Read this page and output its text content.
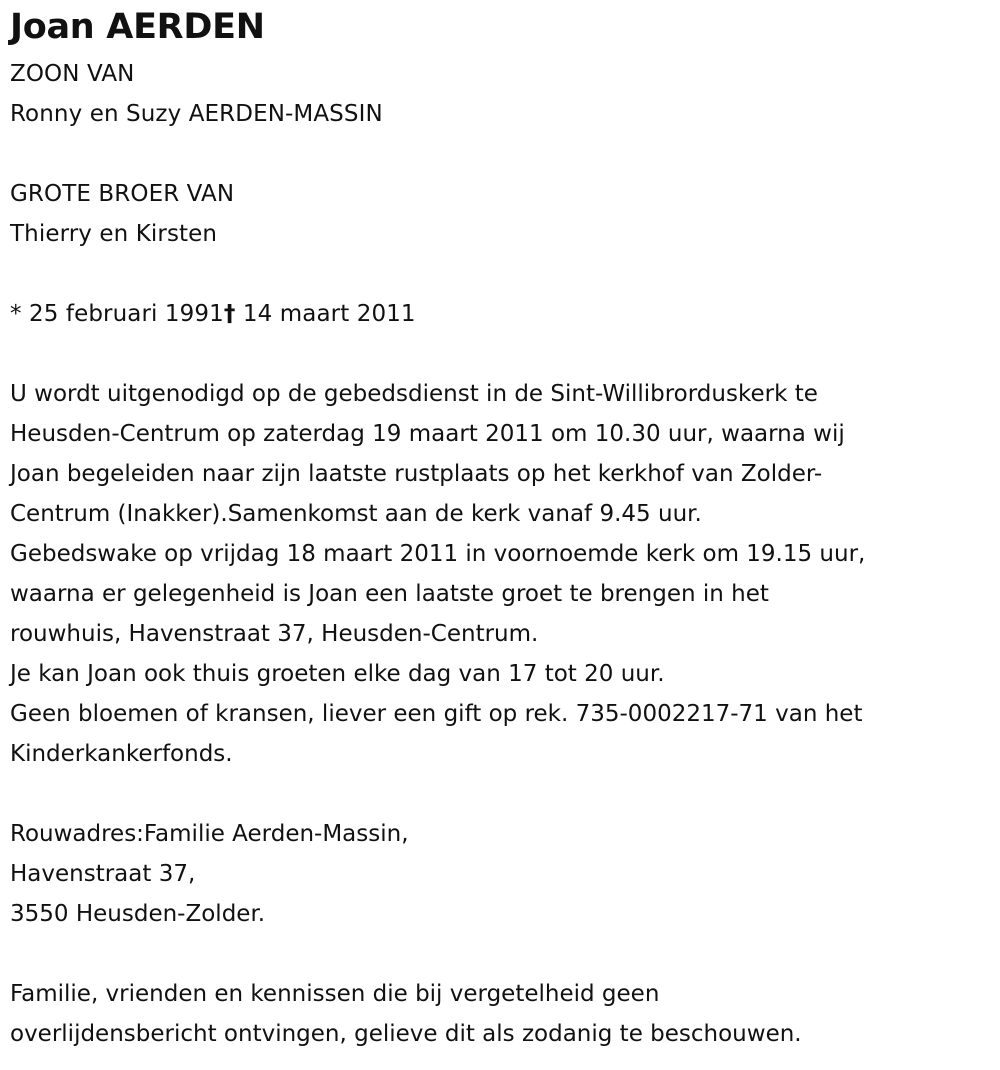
Joan AERDEN
ZOON VAN
Ronny en Suzy AERDEN-MASSIN
GROTE BROER VAN
Thierry en Kirsten
* 25 februari 1991† 14 maart 2011
U wordt uitgenodigd op de gebedsdienst in de Sint-Willibrorduskerk te
Heusden-Centrum op zaterdag 19 maart 2011 om 10.30 uur, waarna wij
Joan begeleiden naar zijn laatste rustplaats op het kerkhof van Zolder-
Centrum (Inakker).Samenkomst aan de kerk vanaf 9.45 uur.
Gebedswake op vrijdag 18 maart 2011 in voornoemde kerk om 19.15 uur,
waarna er gelegenheid is Joan een laatste groet te brengen in het
rouwhuis, Havenstraat 37, Heusden-Centrum.
Je kan Joan ook thuis groeten elke dag van 17 tot 20 uur.
Geen bloemen of kransen, liever een gift op rek. 735-0002217-71 van het
Kinderkankerfonds.
Rouwadres:Familie Aerden-Massin,
Havenstraat 37,
3550 Heusden-Zolder.
Familie, vrienden en kennissen die bij vergetelheid geen
overlijdensbericht ontvingen, gelieve dit als zodanig te beschouwen.
